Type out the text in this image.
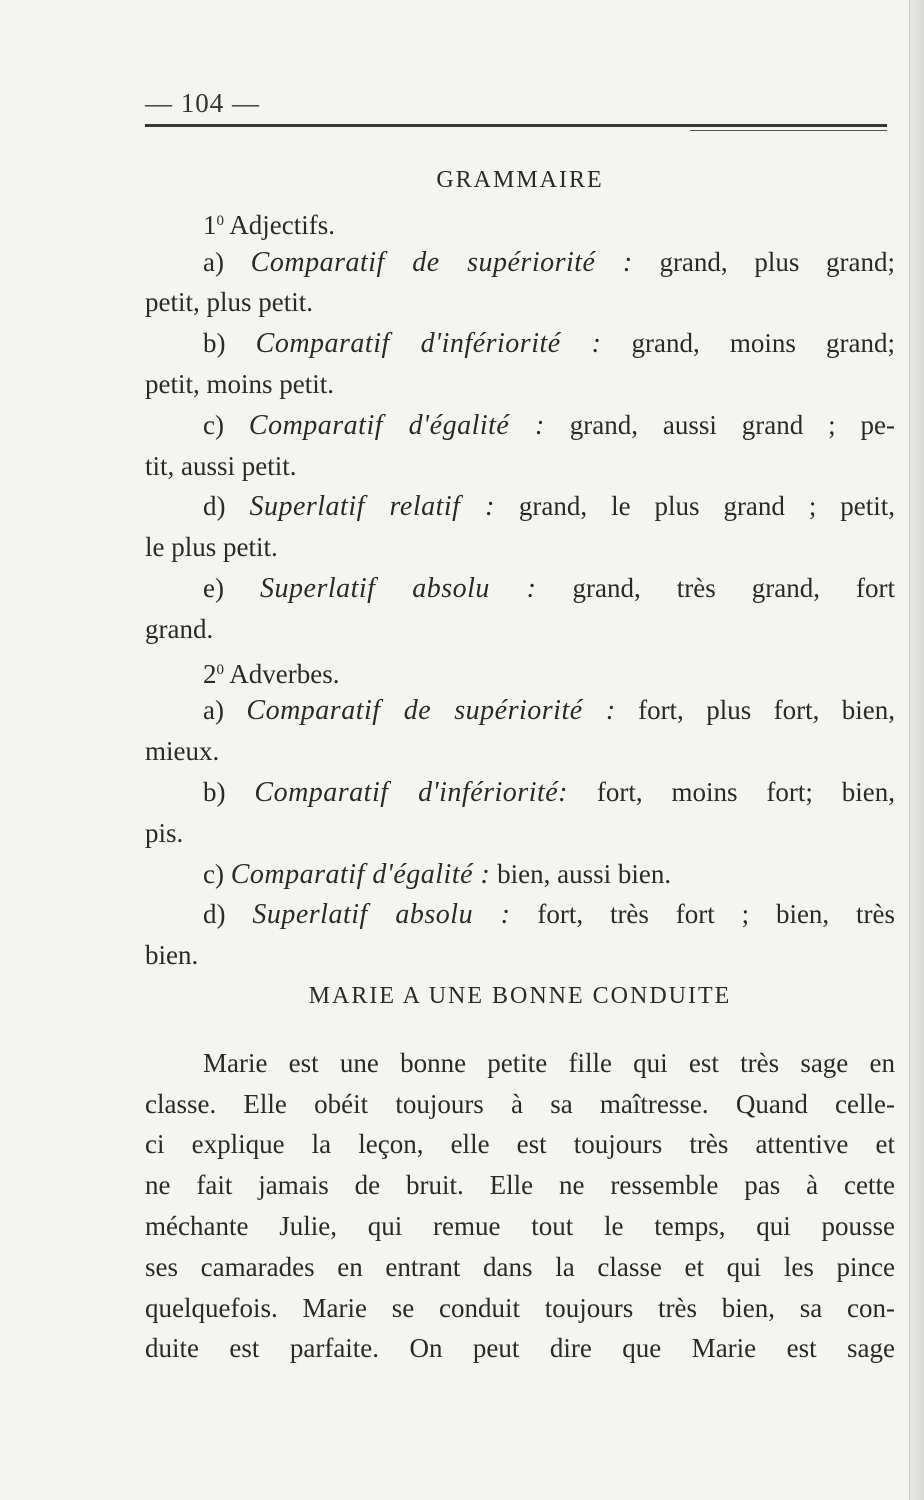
— 104 —
GRAMMAIRE
$1^0$ Adjectifs.
a) Comparatif de supériorité : grand, plus grand;
petit, plus petit.
b) Comparatif d'infériorité : grand, moins grand;
petit, moins petit.
c) Comparatif d'égalité : grand, aussi grand ; pe-
tit, aussi petit.
d) Superlatif relatif : grand, le plus grand ; petit,
le plus petit.
e) Superlatif absolu : grand, très grand, fort
grand.
$2^0$ Adverbes.
a) Comparatif de supériorité : fort, plus fort, bien,
mieux.
b) Comparatif d'infériorité: fort, moins fort; bien,
pis.
c) Comparatif d'égalité : bien, aussi bien.
d) Superlatif absolu : fort, très fort ; bien, très
bien.
MARIE A UNE BONNE CONDUITE
Marie est une bonne petite fille qui est très sage en
classe. Elle obéit toujours à sa maîtresse. Quand celle-
ci explique la leçon, elle est toujours très attentive et
ne fait jamais de bruit. Elle ne ressemble pas à cette
méchante Julie, qui remue tout le temps, qui pousse
ses camarades en entrant dans la classe et qui les pince
quelquefois. Marie se conduit toujours très bien, sa con-
duite est parfaite. On peut dire que Marie est sage
